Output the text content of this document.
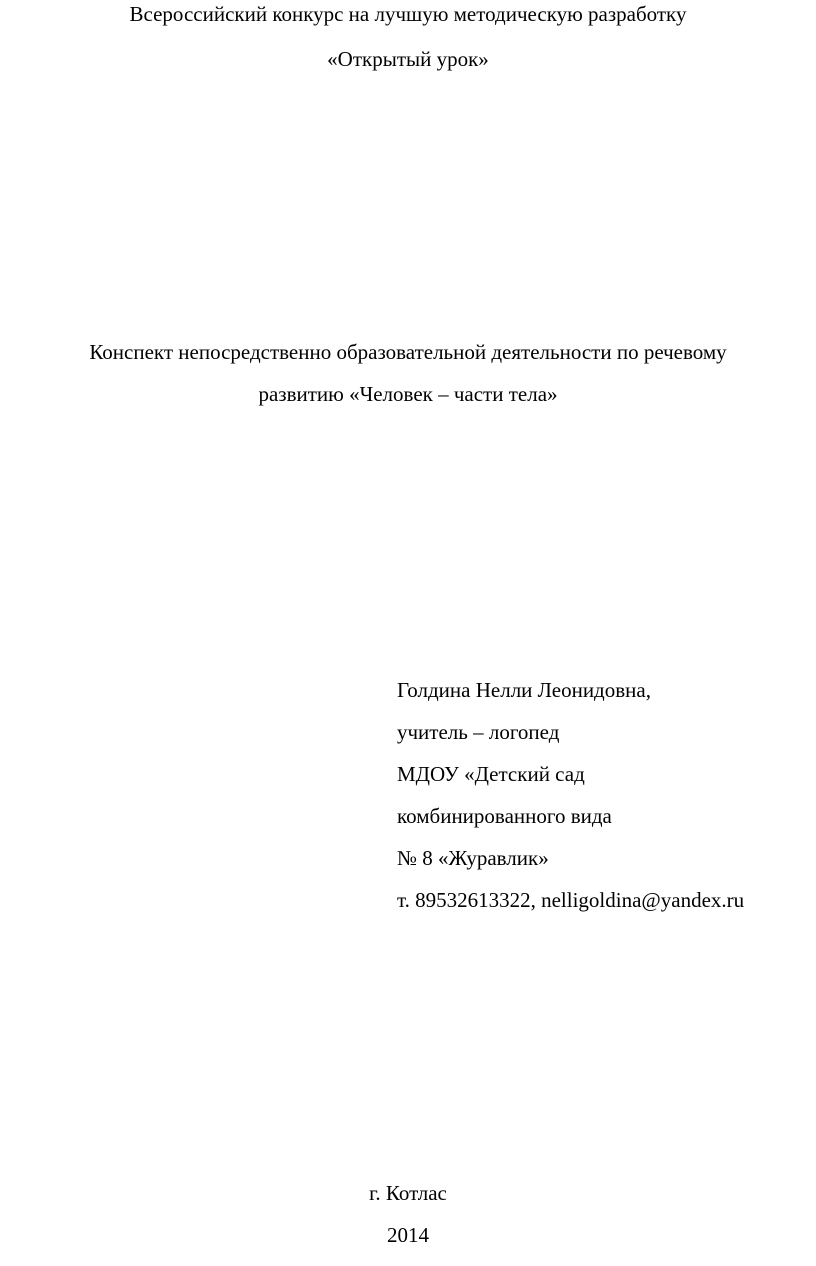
Всероссийский конкурс на лучшую методическую разработку
«Открытый урок»
Конспект непосредственно образовательной деятельности по речевому
развитию «Человек – части тела»
Голдина Нелли Леонидовна,
учитель – логопед
МДОУ «Детский сад
комбинированного вида
№ 8 «Журавлик»
т. 89532613322, nelligoldina@yandex.ru
г. Котлас
2014
